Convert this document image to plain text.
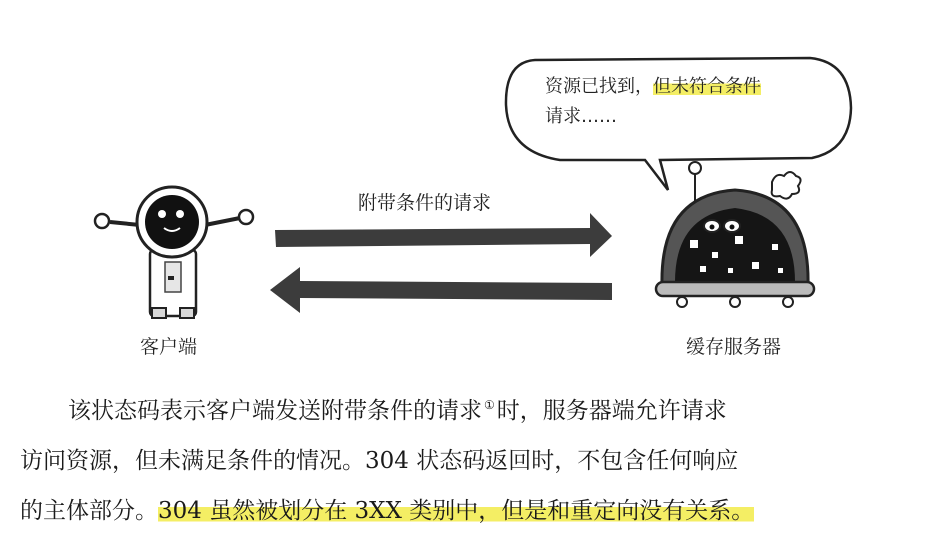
资源已找到，但未符合条件
请求……
附带条件的请求
客户端	缓存服务器
该状态码表示客户端发送附带条件的请求 ①时，服务器端允许请求
访问资源，但未满足条件的情况。304 状态码返回时，不包含任何响应
的主体部分。304 虽然被划分在 3XX 类别中，但是和重定向没有关系。
